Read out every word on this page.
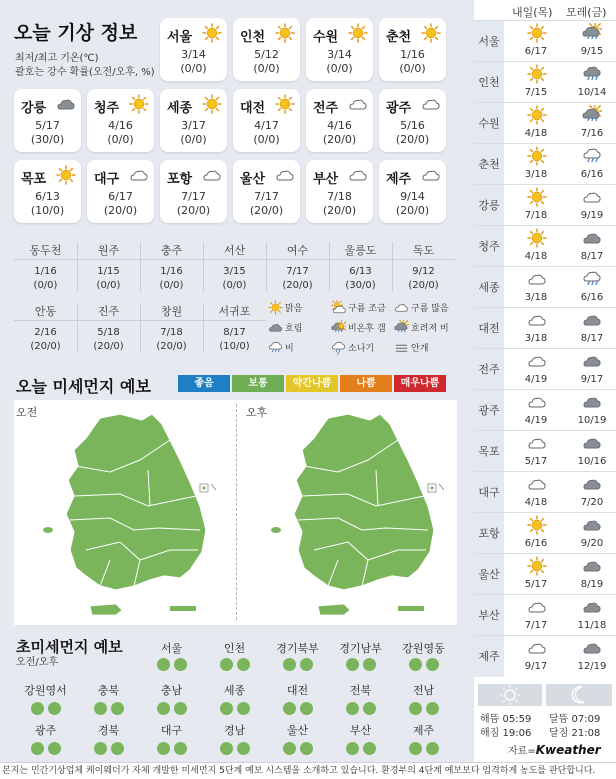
오늘 기상 정보
최저/최고 기온(℃)
괄호는 강수 확률(오전/오후, %)
서울
3/14
(0/0)
인천
5/12
(0/0)
수원
3/14
(0/0)
춘천
1/16
(0/0)
강릉
5/17
(30/0)
청주
4/16
(0/0)
세종
3/17
(0/0)
대전
4/17
(0/0)
전주
4/16
(20/0)
광주
5/16
(20/0)
목포
6/13
(10/0)
대구
6/17
(20/0)
포항
7/17
(20/0)
울산
7/17
(20/0)
부산
7/18
(20/0)
제주
9/14
(20/0)
동두천
1/16
(0/0)
원주
1/15
(0/0)
충주
1/16
(0/0)
서산
3/15
(0/0)
여수
7/17
(20/0)
울릉도
6/13
(30/0)
독도
9/12
(20/0)
안동
2/16
(20/0)
진주
5/18
(20/0)
창원
7/18
(20/0)
서귀포
8/17
(10/0)
맑음	구름 조금	구름 많음
흐림	비온후 갬	흐려져 비
비	소나기	안개
오늘 미세먼지 예보	좋음	보통	약간나쁨	나쁨	매우나쁨
오전	오후
초미세먼지 예보
오전/오후
서울	인천	경기북부	경기남부	강원영동
강원영서	충북	충남	세종	대전	전북	전남
광주	경북	대구	경남	울산	부산	제주
내일(목) 모레(금)
서울
6/17	9/15
인천
7/15	10/14
수원
4/18	7/16
춘천
3/18	6/16
강릉
7/18	9/19
청주
4/18	8/17
세종
3/18	6/16
대전
3/18	8/17
전주
4/19	9/17
광주
4/19	10/19
목포
5/17	10/16
대구
4/18	7/20
포항
6/16	9/20
울산
5/17	8/19
부산
7/17	11/18
제주
9/17	12/19
해뜸 05:59
해짐 19:06
달뜸 07:09
달짐 21:08
자료=Kweather
본지는 민간기상업체 케이웨더가 자체 개발한 미세먼지 5단계 예보 시스템을 소개하고 있습니다. 환경부의 4단계 예보보다 엄격하게 농도를 판단합니다.
